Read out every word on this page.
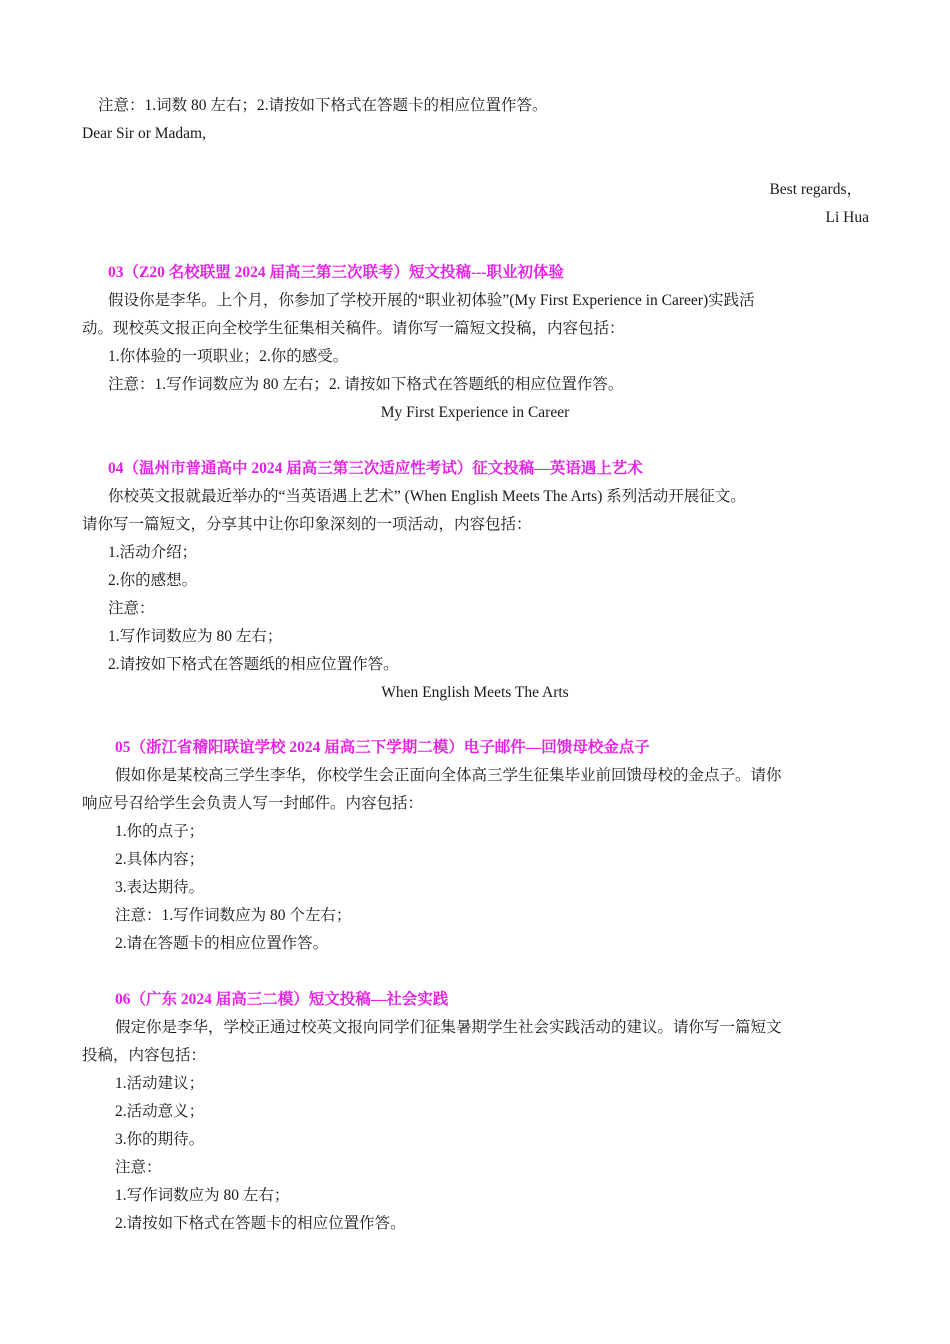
注意：1.词数 80 左右；2.请按如下格式在答题卡的相应位置作答。
Dear Sir or Madam,
Best regards，
Li Hua
03（Z20 名校联盟 2024 届高三第三次联考）短文投稿---职业初体验
假设你是李华。上个月，你参加了学校开展的“职业初体验”(My First Experience in Career)实践活
动。现校英文报正向全校学生征集相关稿件。请你写一篇短文投稿，内容包括：
1.你体验的一项职业；2.你的感受。
注意：1.写作词数应为 80 左右；2. 请按如下格式在答题纸的相应位置作答。
My First Experience in Career
04（温州市普通高中 2024 届高三第三次适应性考试）征文投稿—英语遇上艺术
你校英文报就最近举办的“当英语遇上艺术” (When English Meets The Arts) 系列活动开展征文。
请你写一篇短文，分享其中让你印象深刻的一项活动，内容包括：
1.活动介绍；
2.你的感想。
注意：
1.写作词数应为 80 左右；
2.请按如下格式在答题纸的相应位置作答。
When English Meets The Arts
05（浙江省稽阳联谊学校 2024 届高三下学期二模）电子邮件—回馈母校金点子
假如你是某校高三学生李华，你校学生会正面向全体高三学生征集毕业前回馈母校的金点子。请你
响应号召给学生会负责人写一封邮件。内容包括：
1.你的点子；
2.具体内容；
3.表达期待。
注意：1.写作词数应为 80 个左右；
2.请在答题卡的相应位置作答。
06（广东 2024 届高三二模）短文投稿—社会实践
假定你是李华，学校正通过校英文报向同学们征集暑期学生社会实践活动的建议。请你写一篇短文
投稿，内容包括：
1.活动建议；
2.活动意义；
3.你的期待。
注意：
1.写作词数应为 80 左右；
2.请按如下格式在答题卡的相应位置作答。
